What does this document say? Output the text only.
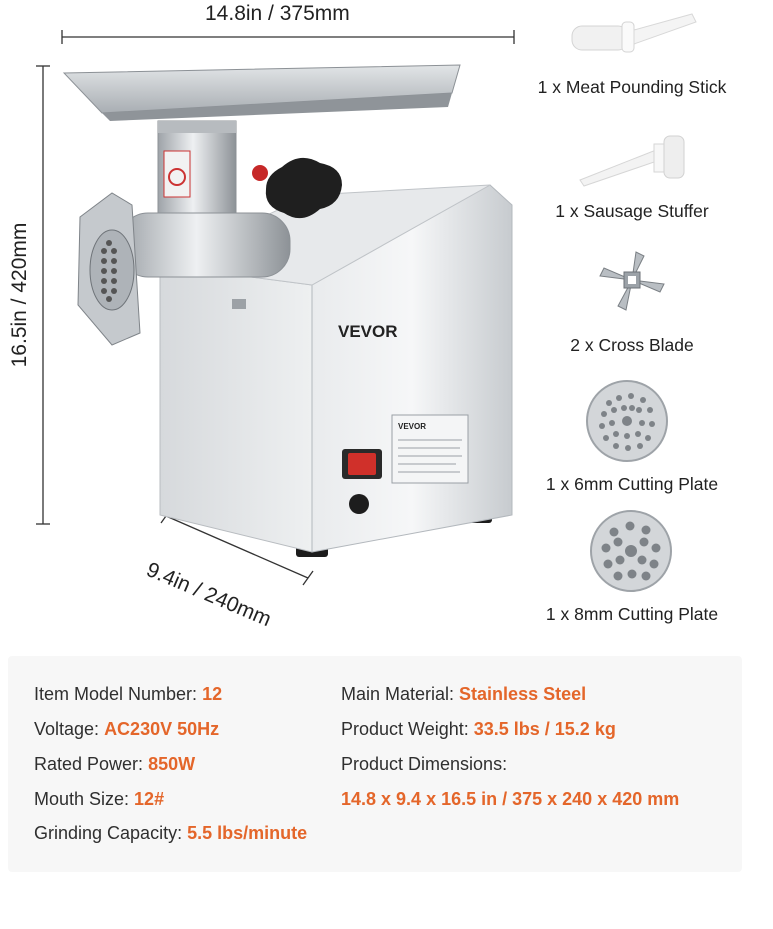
14.8in / 375mm
16.5in / 420mm
9.4in / 240mm
VEVOR
VEVOR
1 x Meat Pounding Stick
1 x Sausage Stuffer
2 x Cross Blade
1 x 6mm Cutting Plate
1 x 8mm Cutting Plate
Item Model Number: 12
Voltage: AC230V 50Hz
Rated Power: 850W
Mouth Size: 12#
Grinding Capacity: 5.5 lbs/minute
Main Material: Stainless Steel
Product Weight: 33.5 lbs / 15.2 kg
Product Dimensions:
14.8 x 9.4 x 16.5 in / 375 x 240 x 420 mm
